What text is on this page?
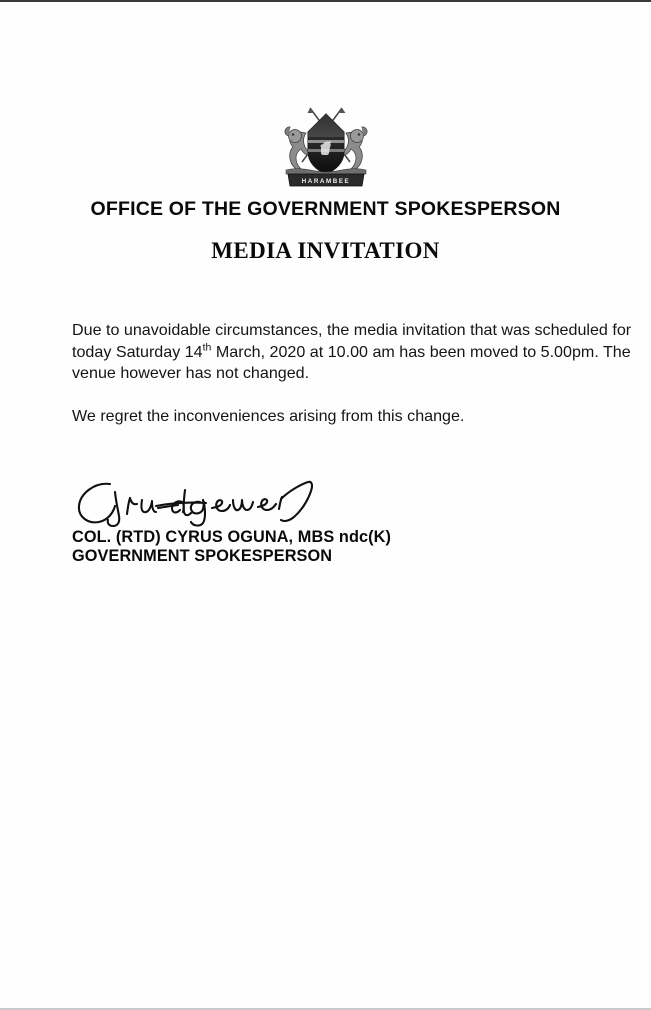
HARAMBEE
OFFICE OF THE GOVERNMENT SPOKESPERSON
MEDIA INVITATION

Due to unavoidable circumstances, the media invitation that was scheduled for today Saturday 14th March, 2020 at 10.00 am has been moved to 5.00pm. The venue however has not changed.

We regret the inconveniences arising from this change.

COL. (RTD) CYRUS OGUNA, MBS ndc(K)

GOVERNMENT SPOKESPERSON
